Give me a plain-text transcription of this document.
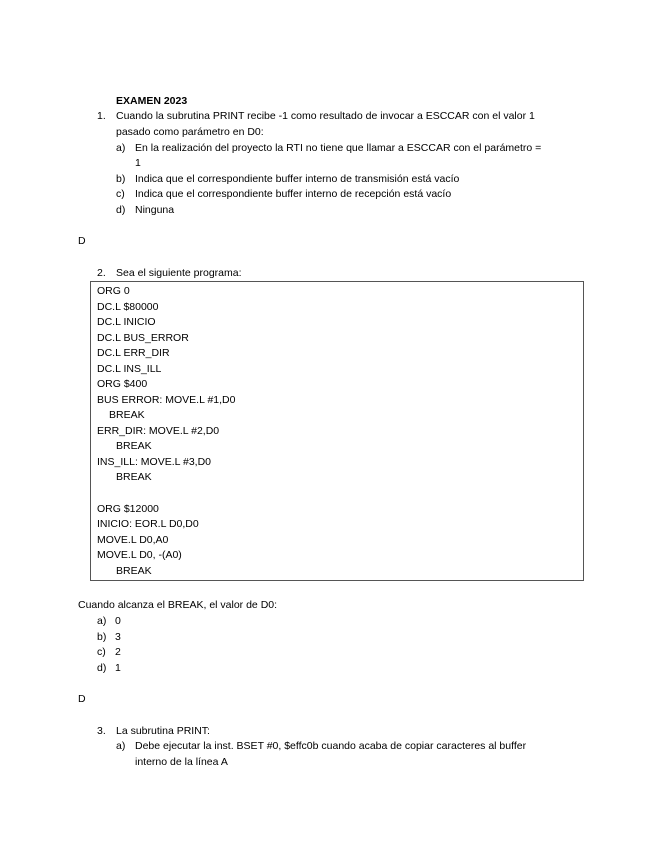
EXAMEN 2023
1. Cuando la subrutina PRINT recibe -1 como resultado de invocar a ESCCAR con el valor 1
pasado como parámetro en D0:
a) En la realización del proyecto la RTI no tiene que llamar a ESCCAR con el parámetro =
1
b) Indica que el correspondiente buffer interno de transmisión está vacío
c) Indica que el correspondiente buffer interno de recepción está vacío
d) Ninguna
D
2. Sea el siguiente programa:
ORG 0
DC.L $80000
DC.L INICIO
DC.L BUS_ERROR
DC.L ERR_DIR
DC.L INS_ILL
ORG $400
BUS ERROR: MOVE.L #1,D0
BREAK
ERR_DIR: MOVE.L #2,D0
BREAK
INS_ILL: MOVE.L #3,D0
BREAK
ORG $12000
INICIO: EOR.L D0,D0
MOVE.L D0,A0
MOVE.L D0, -(A0)
BREAK
Cuando alcanza el BREAK, el valor de D0:
a) 0
b) 3
c) 2
d) 1
D
3. La subrutina PRINT:
a) Debe ejecutar la inst. BSET #0, $effc0b cuando acaba de copiar caracteres al buffer
interno de la línea A
